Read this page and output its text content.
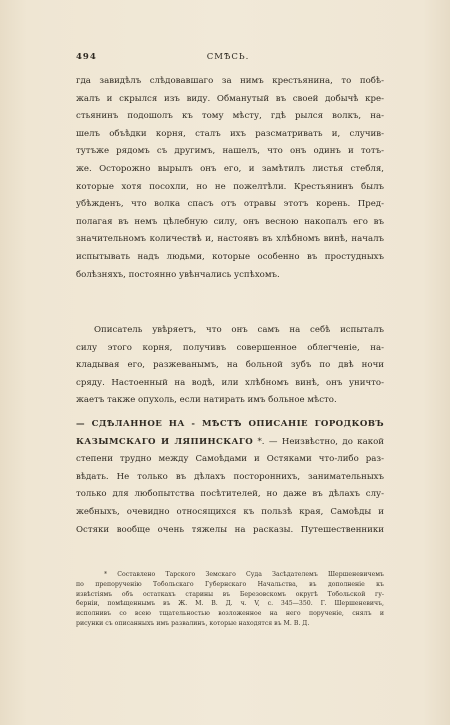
494	СМѢСЬ.
гда завидѣлъ слѣдовавшаго за нимъ крестьянина, то побѣ-
жалъ и скрылся изъ виду. Обманутый въ своей добычѣ кре-
стьянинъ подошолъ къ тому мѣсту, гдѣ рылся волкъ, на-
шелъ объѣдки корня, сталъ ихъ разсматривать и, случив-
тутъже рядомъ съ другимъ, нашелъ, что онъ одинъ и тотъ-
же. Осторожно вырылъ онъ его, и замѣтилъ листья стебля,
которые хотя посохли, но не пожелтѣли. Крестьянинъ былъ
убѣжденъ, что волка спасъ отъ отравы этотъ корень. Пред-
полагая въ немъ цѣлебную силу, онъ весною накопалъ его въ
значительномъ количествѣ и, настоявъ въ хлѣбномъ винѣ, началъ
испытывать надъ людьми, которые особенно въ простудныхъ
болѣзняхъ, постоянно увѣнчались успѣхомъ.
Описатель увѣряетъ, что онъ самъ на себѣ испыталъ
силу этого корня, получивъ совершенное облегченіе, на-
кладывая его, разжеванымъ, на больной зубъ по двѣ ночи
сряду. Настоенный на водѣ, или хлѣбномъ винѣ, онъ уничто-
жаетъ также опухоль, если натирать имъ больное мѣсто.
— СДѢЛАННОЕ НА - МѢСТѢ ОПИСАНІЕ ГОРОДКОВЪ
КАЗЫМСКАГО И ЛЯПИНСКАГО *. — Неизвѣстно, до какой
степени трудно между Самоѣдами и Остяками что-либо раз-
вѣдать. Не только въ дѣлахъ постороннихъ, занимательныхъ
только для любопытства посѣтителей, но даже въ дѣлахъ слу-
жебныхъ, очевидно относящихся къ пользѣ края, Самоѣды и
Остяки вообще очень тяжелы на расказы. Путешественники
* Составлено Тарского Земскаго Суда Засѣдателемъ Шершеневичемъ
по препорученію Тобольскаго Губернскаго Начальства, въ дополненіе къ
извѣстіямъ объ остаткахъ старины въ Березовскомъ округѣ Тобольской гу-
берніи, помѣщеннымъ въ Ж. М. В. Д. ч. V, с. 345—350. Г. Шершеневичъ,
исполнивъ со всею тщательностью возложенное на него порученіе, снялъ и
рисунки съ описанныхъ имъ развалинъ, которые находятся въ М. В. Д.
